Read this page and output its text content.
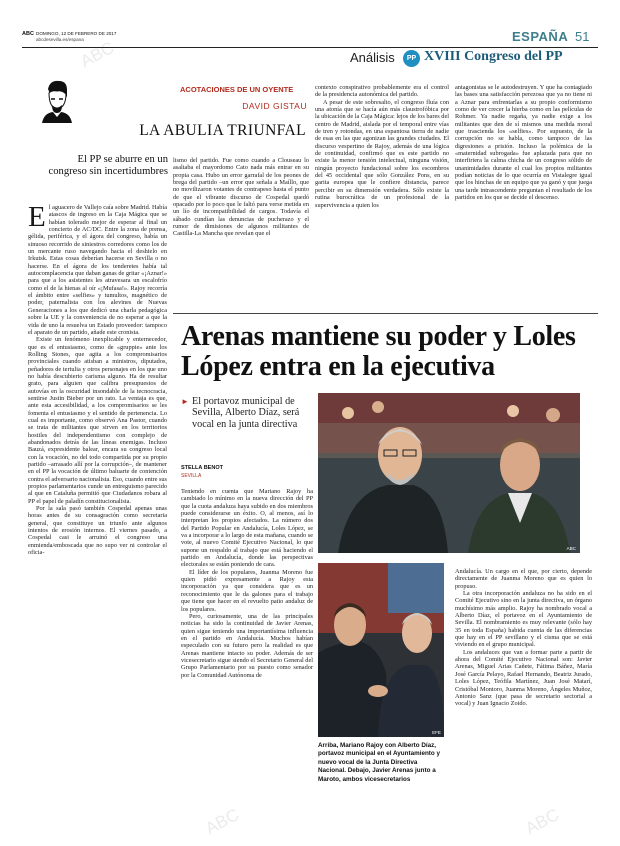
ABC DOMINGO, 12 DE FEBRERO DE 2017
abcdesevilla.es/espana	ESPAÑA 51
Análisis	PP XVIII Congreso del PP
ACOTACIONES DE UN OYENTE
DAVID GISTAU
LA ABULIA TRIUNFAL
El PP se aburre en un congreso sin incertidumbres
E l aguacero de Vallejo caía sobre Madrid. Había atascos de ingreso en la Caja Mágica que se habían tolerado mejor de esperar al final un concierto de AC/DC. Entre la zona de prensa, gélida, periférica, y el ágora del congreso, había un sinuoso recorrido de siniestros corredores como los de un mercante ruso navegando hacia el deshielo en Irkutsk. Estas cosas deberían hacerse en Sevilla o no hacerse. En el ágora de los tenderetes había tal autocomplacencia que daban ganas de gritar «¡Aznar!» para que a los asistentes les atravesara un escalofrío como el de la hienas al oír «¡Mufasa!». Rajoy recorría el ámbito entre «selfies» y tumultos, magnético de poder, paternalista con los alevines de Nuevas Generaciones a los que dedicó una charla pedagógica sobre la UE y la conveniencia de no esperar a que la vida de uno la resuelva un Estado proveedor: tampoco el aparato de un partido, añade este cronista.

Existe un fenómeno inexplicable y enternecedor, que es el entusiasmo, como de «gruppie» ante los Rolling Stones, que agita a los compromisarios provinciales cuando atisban a ministros, diputados, peñadores de tertulia y otros personajes en los que uno no había descubierto carisma alguno. Ha de resultar grato, para alguien que calibra presupuestos de autovías en la oscuridad insondable de la tecnocracia, sentirse Justin Bieber por un rato. La ventaja es que, ante esta accesibilidad, a los compromisarios se les fomenta el entusiasmo y el sentido de pertenencia. Lo cual es importante, como observó Ana Pastor, cuando se trata de militantes que sirven en los territorios hostiles del independentismo con complejo de abandonados detrás de las líneas enemigas. Incluso Bauzá, expresidente balear, encara su congreso local con la vocación, no del todo compartida por su propio partido –arrasado allí por la corrupción–, de mantener en el PP la vocación de último baluarte de contención contra el adversario nacionalista. Eso, cuando entre sus propios parlamentarios cunde un entreguismo parecido al que en Cataluña permitió que Ciudadanos robara al PP el papel de paladín constitucionalista.

Por la sala pasó también Cospedal apenas unas horas antes de su consagración como secretaria general, que constituye un triunfo ante algunos intentos de erosión internos. El viernes pasado, a Cospedal casi le arruinó el congreso una enmienda/emboscada que no supo ver ni controlar el oficia-

lismo del partido. Fue como cuando a Clouseau lo asaltaba el mayordomo Cato nada más entrar en su propia casa. Hubo un error garrafal de los peones de brega del partido –un error que señala a Maíllo, que no movilizaron votantes de contrapeso hasta el punto de que el vibrante discurso de Cospedal quedó opacado por lo poco que le faltó para verse metida en un lío de incompatibilidad de cargos. Todavía el sábado cundían las denuncias de pucherazo y el rumor de dimisiones de algunos militantes de Castilla-La Mancha que revelan que el

contexto conspirativo probablemente era el control de la presidencia autonómica del partido.

A pesar de este sobresalto, el congreso fluía con una atonía que se hacía aún más claustrofóbica por la ubicación de la Caja Mágica: lejos de los bares del centro de Madrid, aislada por el temporal entre vías de tren y rotondas, en una espantosa tierra de nadie de esas en las que agonizan las grandes ciudades. El discurso vespertino de Rajoy, además de una lógica de continuidad, confirmó que es este partido no existe la menor tensión intelectual, ninguna visión, ningún proyecto fundacional sobre los escombros del 45 occidental que sólo González Pons, en su garita europea que le confiere distancia, parece percibir en su dimensión verdadera. Sólo existe la rutina burocrática de un profesional de la supervivencia a quien los

antagonistas se le autodestruyen. Y que ha contagiado las bases una satisfacción perezosa que ya no tiene ni a Aznar para enfrentarlas a su propio conformismo como de ver crecer la hierba como en las películas de Rohmer. Ya nadie regaña, ya nadie exige a los militantes que den de sí mismos una medida moral que trascienda los «selfies». Por supuesto, de la corrupción no se habla, como tampoco de las digresiones a prisión. Incluso la polémica de la «maternidad subrogada» fue aplazada para que no interfiriera la calma chicha de un congreso sólido de unanimidades durante el cual los propios militantes podían noticias de lo que ocurría en Vistalegre igual que los hinchas de un equipo que ya ganó y que juega una tarde intrascendente preguntan el resultado de los partidos en los que se decide el descenso.

Arenas mantiene su poder y Loles López entra en la ejecutiva
► El portavoz municipal de Sevilla, Alberto Díaz, será vocal en la junta directiva
STELLA BENOT
SEVILLA

Teniendo en cuenta que Mariano Rajoy ha cambiado lo mínimo en la nueva dirección del PP que la cuota andaluza haya subido en dos miembros puede considerarse un éxito. O, al menos, así lo interpretan los propios afectados. La número dos del Partido Popular en Andalucía, Loles López, se va a incorporar a lo largo de esta mañana, cuando se vote, al nuevo Comité Ejecutivo Nacional, lo que supone un respaldo al trabajo que está haciendo el partido en Andalucía, donde las perspectivas electorales se están poniendo de cara.

El líder de los populares, Juanma Moreno fue quien pidió expresamente a Rajoy esta incorporación ya que considera que es un reconocimiento que le da galones para el trabajo que tiene que hacer en el revuelto patio andaluz de los populares.

Pero, curiosamente, una de las principales noticias ha sido la continuidad de Javier Arenas, quien sigue teniendo una importantísima influencia en el partido en Andalucía. Muchos habían especulado con su futuro pero la realidad es que Arenas mantiene intacto su poder. Además de ser vicesecretario sigue siendo el Secretario General del Grupo Parlamentario por su puesto como senador por la Comunidad Autónoma de

ABC
EFE
Arriba, Mariano Rajoy con Alberto Díaz, portavoz municipal en el Ayuntamiento y nuevo vocal de la Junta Directiva Nacional. Debajo, Javier Arenas junto a Maroto, ambos vicesecretarios

Andalucía. Un cargo en el que, por cierto, depende directamente de Juanma Moreno que es quien lo propuso.

La otra incorporación andaluza no ha sido en el Comité Ejecutivo sino en la junta directiva, un órgano muchísimo más amplio. Rajoy ha nombrado vocal a Alberto Díaz, el portavoz en el Ayuntamiento de Sevilla. El nombramiento es muy relevante (sólo hay 35 en toda España) habida cuenta de las diferencias que hay en el PP sevillano y el cisma que se está viviendo en el grupo municipal.

Los andaluces que van a formar parte a partir de ahora del Comité Ejecutivo Nacional son: Javier Arenas, Miguel Arias Cañete, Fátima Báñez, María José García Pelayo, Rafael Hernando, Beatriz Jurado, Loles López, Teófila Martínez, Juan José Matarí, Cristóbal Montoro, Juanma Moreno, Ángeles Muñoz, Antonio Sanz (que pasa de secretario sectorial a vocal) y Juan Ignacio Zoido.

ABC
ABC	ABC
